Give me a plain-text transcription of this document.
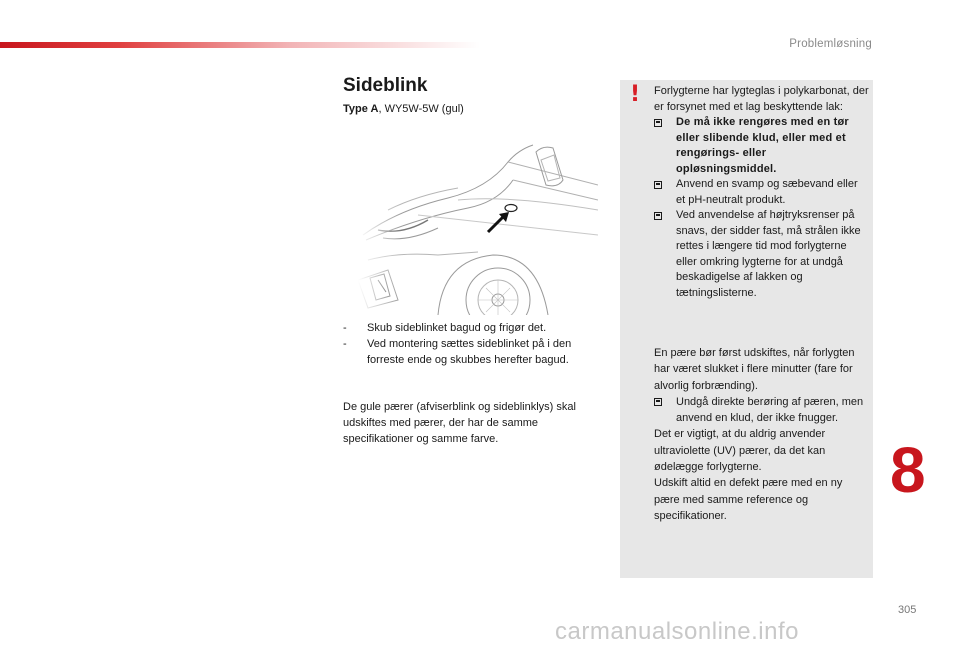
Problemløsning
Sideblink
Type A, WY5W-5W (gul)
- Skub sideblinket bagud og frigør det.
- Ved montering sættes sideblinket på i den forreste ende og skubbes herefter bagud.

De gule pærer (afviserblink og sideblinklys) skal udskiftes med pærer, der har de samme specifikationer og samme farve.

! Forlygterne har lygteglas i polykarbonat, der er forsynet med et lag beskyttende lak:

De må ikke rengøres med en tør eller slibende klud, eller med et rengørings- eller opløsningsmiddel.
Anvend en svamp og sæbevand eller et pH-neutralt produkt.
Ved anvendelse af højtryksrenser på snavs, der sidder fast, må strålen ikke rettes i længere tid mod forlygterne eller omkring lygterne for at undgå beskadigelse af lakken og tætningslisterne.

En pære bør først udskiftes, når forlygten har været slukket i flere minutter (fare for alvorlig forbrænding).

Undgå direkte berøring af pæren, men anvend en klud, der ikke fnugger.

Det er vigtigt, at du aldrig anvender ultraviolette (UV) pærer, da det kan ødelægge forlygterne.

Udskift altid en defekt pære med en ny pære med samme reference og specifikationer.

8
305
carmanualsonline.info
